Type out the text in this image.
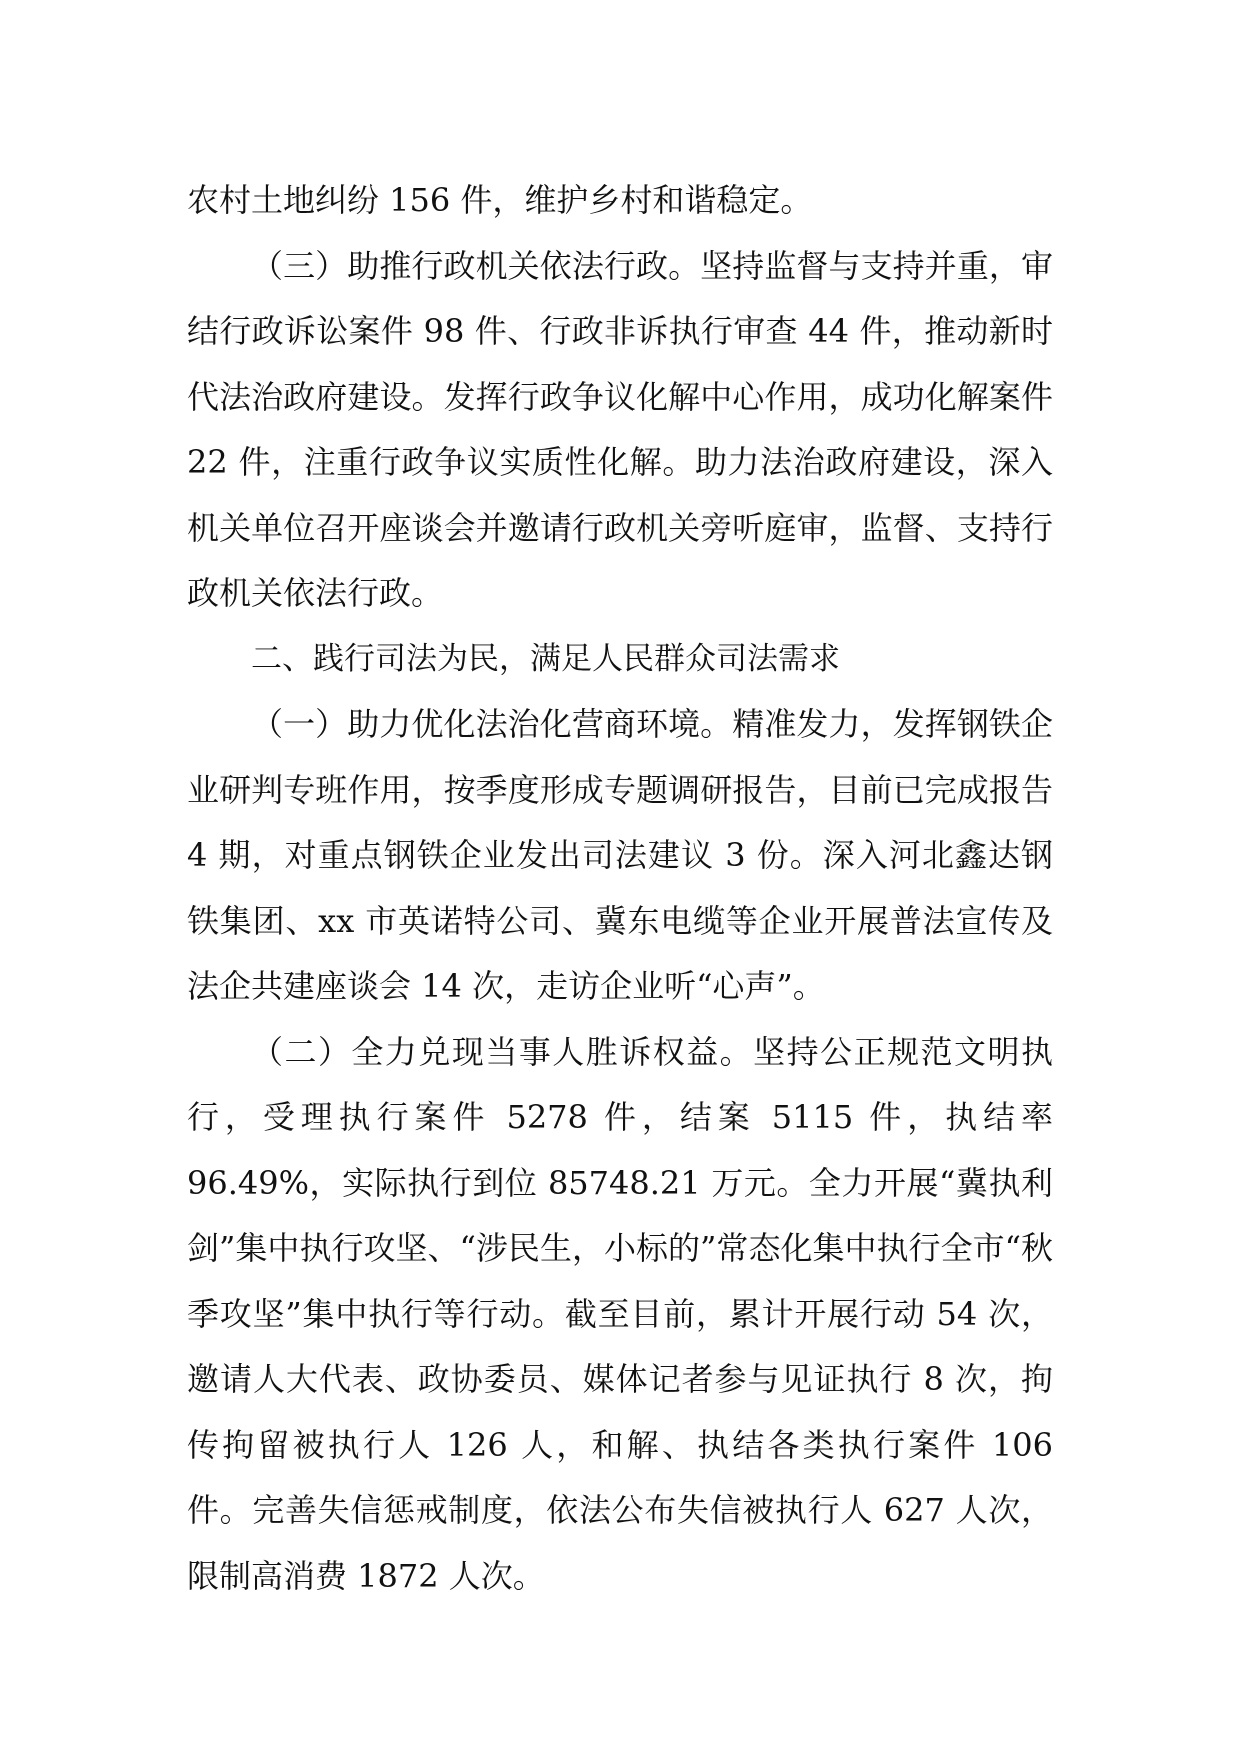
农村土地纠纷 156 件，维护乡村和谐稳定。

（三）助推行政机关依法行政。坚持监督与支持并重，审结行政诉讼案件 98 件、行政非诉执行审查 44 件，推动新时代法治政府建设。发挥行政争议化解中心作用，成功化解案件 22 件，注重行政争议实质性化解。助力法治政府建设，深入机关单位召开座谈会并邀请行政机关旁听庭审，监督、支持行政机关依法行政。

二、践行司法为民，满足人民群众司法需求

（一）助力优化法治化营商环境。精准发力，发挥钢铁企业研判专班作用，按季度形成专题调研报告，目前已完成报告 4 期，对重点钢铁企业发出司法建议 3 份。深入河北鑫达钢铁集团、xx 市英诺特公司、冀东电缆等企业开展普法宣传及法企共建座谈会 14 次，走访企业听“心声”。

（二）全力兑现当事人胜诉权益。坚持公正规范文明执行，受理执行案件 5278 件，结案 5115 件，执结率 96.49%，实际执行到位 85748.21 万元。全力开展“冀执利剑”集中执行攻坚、“涉民生，小标的”常态化集中执行全市“秋季攻坚”集中执行等行动。截至目前，累计开展行动 54 次，邀请人大代表、政协委员、媒体记者参与见证执行 8 次，拘传拘留被执行人 126 人，和解、执结各类执行案件 106 件。完善失信惩戒制度，依法公布失信被执行人 627 人次，限制高消费 1872 人次。
